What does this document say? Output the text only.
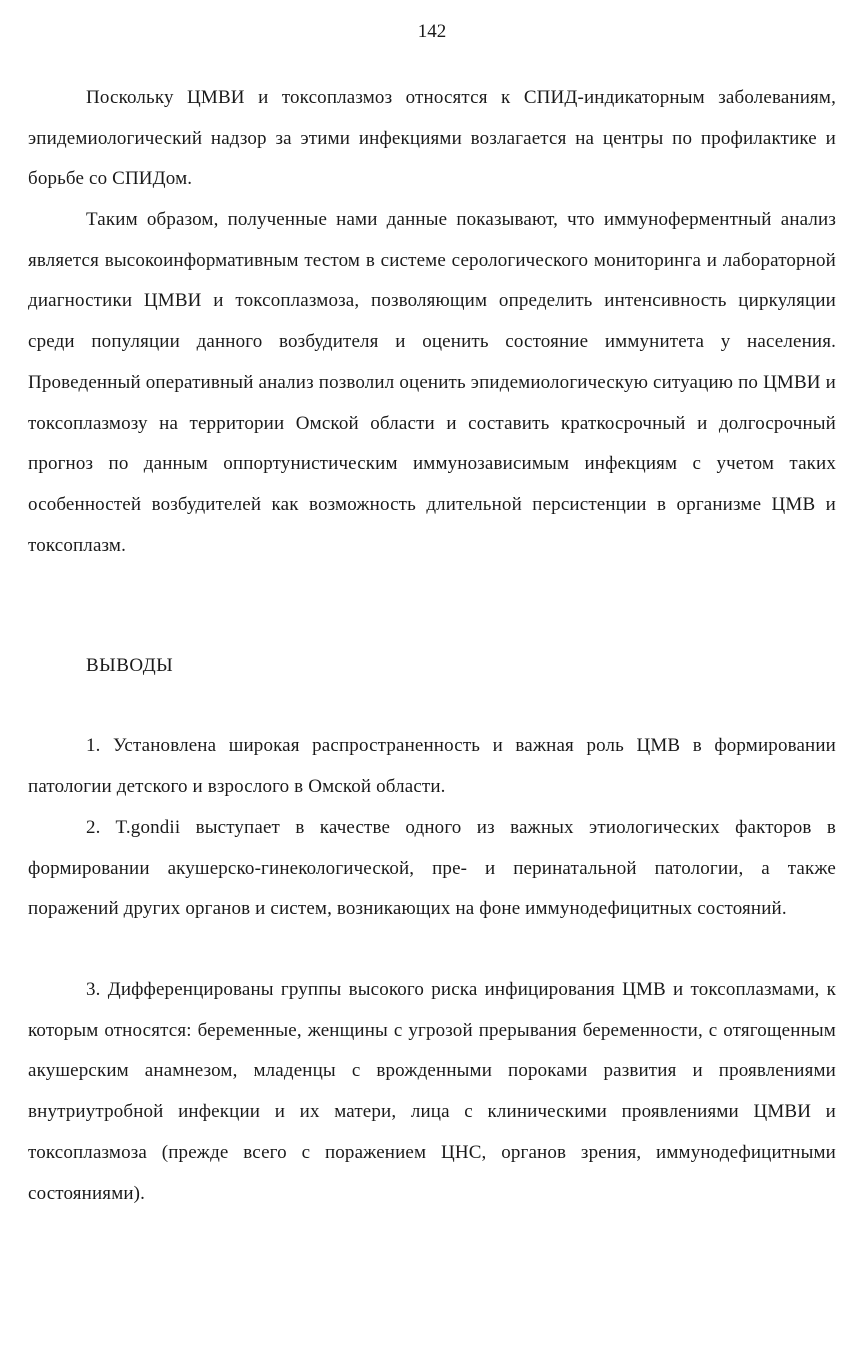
142

Поскольку ЦМВИ и токсоплазмоз относятся к СПИД-индикаторным заболеваниям, эпидемиологический надзор за этими инфекциями возлагается на центры по профилактике и борьбе со СПИДом.

Таким образом, полученные нами данные показывают, что иммуноферментный анализ является высокоинформативным тестом в системе серологического мониторинга и лабораторной диагностики ЦМВИ и токсоплазмоза, позволяющим определить интенсивность циркуляции среди популяции данного возбудителя и оценить состояние иммунитета у населения. Проведенный оперативный анализ позволил оценить эпидемиологическую ситуацию по ЦМВИ и токсоплазмозу на территории Омской области и составить краткосрочный и долгосрочный прогноз по данным оппортунистическим иммунозависимым инфекциям с учетом таких особенностей возбудителей как возможность длительной персистенции в организме ЦМВ и токсоплазм.

ВЫВОДЫ

1. Установлена широкая распространенность и важная роль ЦМВ в формировании патологии детского и взрослого в Омской области.

2. T.gondii выступает в качестве одного из важных этиологических факторов в формировании акушерско-гинекологической, пре- и перинатальной патологии, а также поражений других органов и систем, возникающих на фоне иммунодефицитных состояний.

3. Дифференцированы группы высокого риска инфицирования ЦМВ и токсоплазмами, к которым относятся: беременные, женщины с угрозой прерывания беременности, с отягощенным акушерским анамнезом, младенцы с врожденными пороками развития и проявлениями внутриутробной инфекции и их матери, лица с клиническими проявлениями ЦМВИ и токсоплазмоза (прежде всего с поражением ЦНС, органов зрения, иммунодефицитными состояниями).
